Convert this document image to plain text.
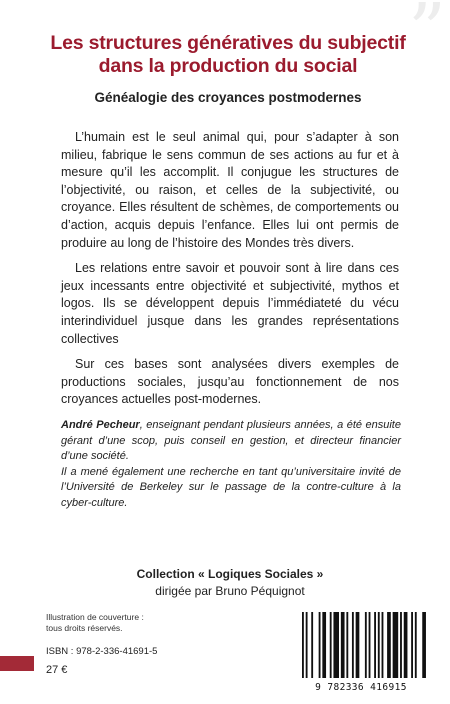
”
Les structures génératives du subjectif
dans la production du social
Généalogie des croyances postmodernes

L’humain est le seul animal qui, pour s’adapter à son milieu, fabrique le sens commun de ses actions au fur et à mesure qu’il les accomplit. Il conjugue les structures de l’objectivité, ou raison, et celles de la subjectivité, ou croyance. Elles résultent de schèmes, de comportements ou d’action, acquis depuis l’enfance. Elles lui ont permis de produire au long de l’histoire des Mondes très divers.

Les relations entre savoir et pouvoir sont à lire dans ces jeux incessants entre objectivité et subjectivité, mythos et logos. Ils se développent depuis l’immédiateté du vécu interindividuel jusque dans les grandes représentations collectives

Sur ces bases sont analysées divers exemples de productions sociales, jusqu’au fonctionnement de nos croyances actuelles post-modernes.

André Pecheur, enseignant pendant plusieurs années, a été ensuite gérant d’une scop, puis conseil en gestion, et directeur financier d’une société.

Il a mené également une recherche en tant qu’universitaire invité de l’Université de Berkeley sur le passage de la contre-culture à la cyber-culture.

Collection « Logiques Sociales »
dirigée par Bruno Péquignot
Illustration de couverture :
tous droits réservés.
ISBN : 978-2-336-41691-5
27 €
9 782336 416915
